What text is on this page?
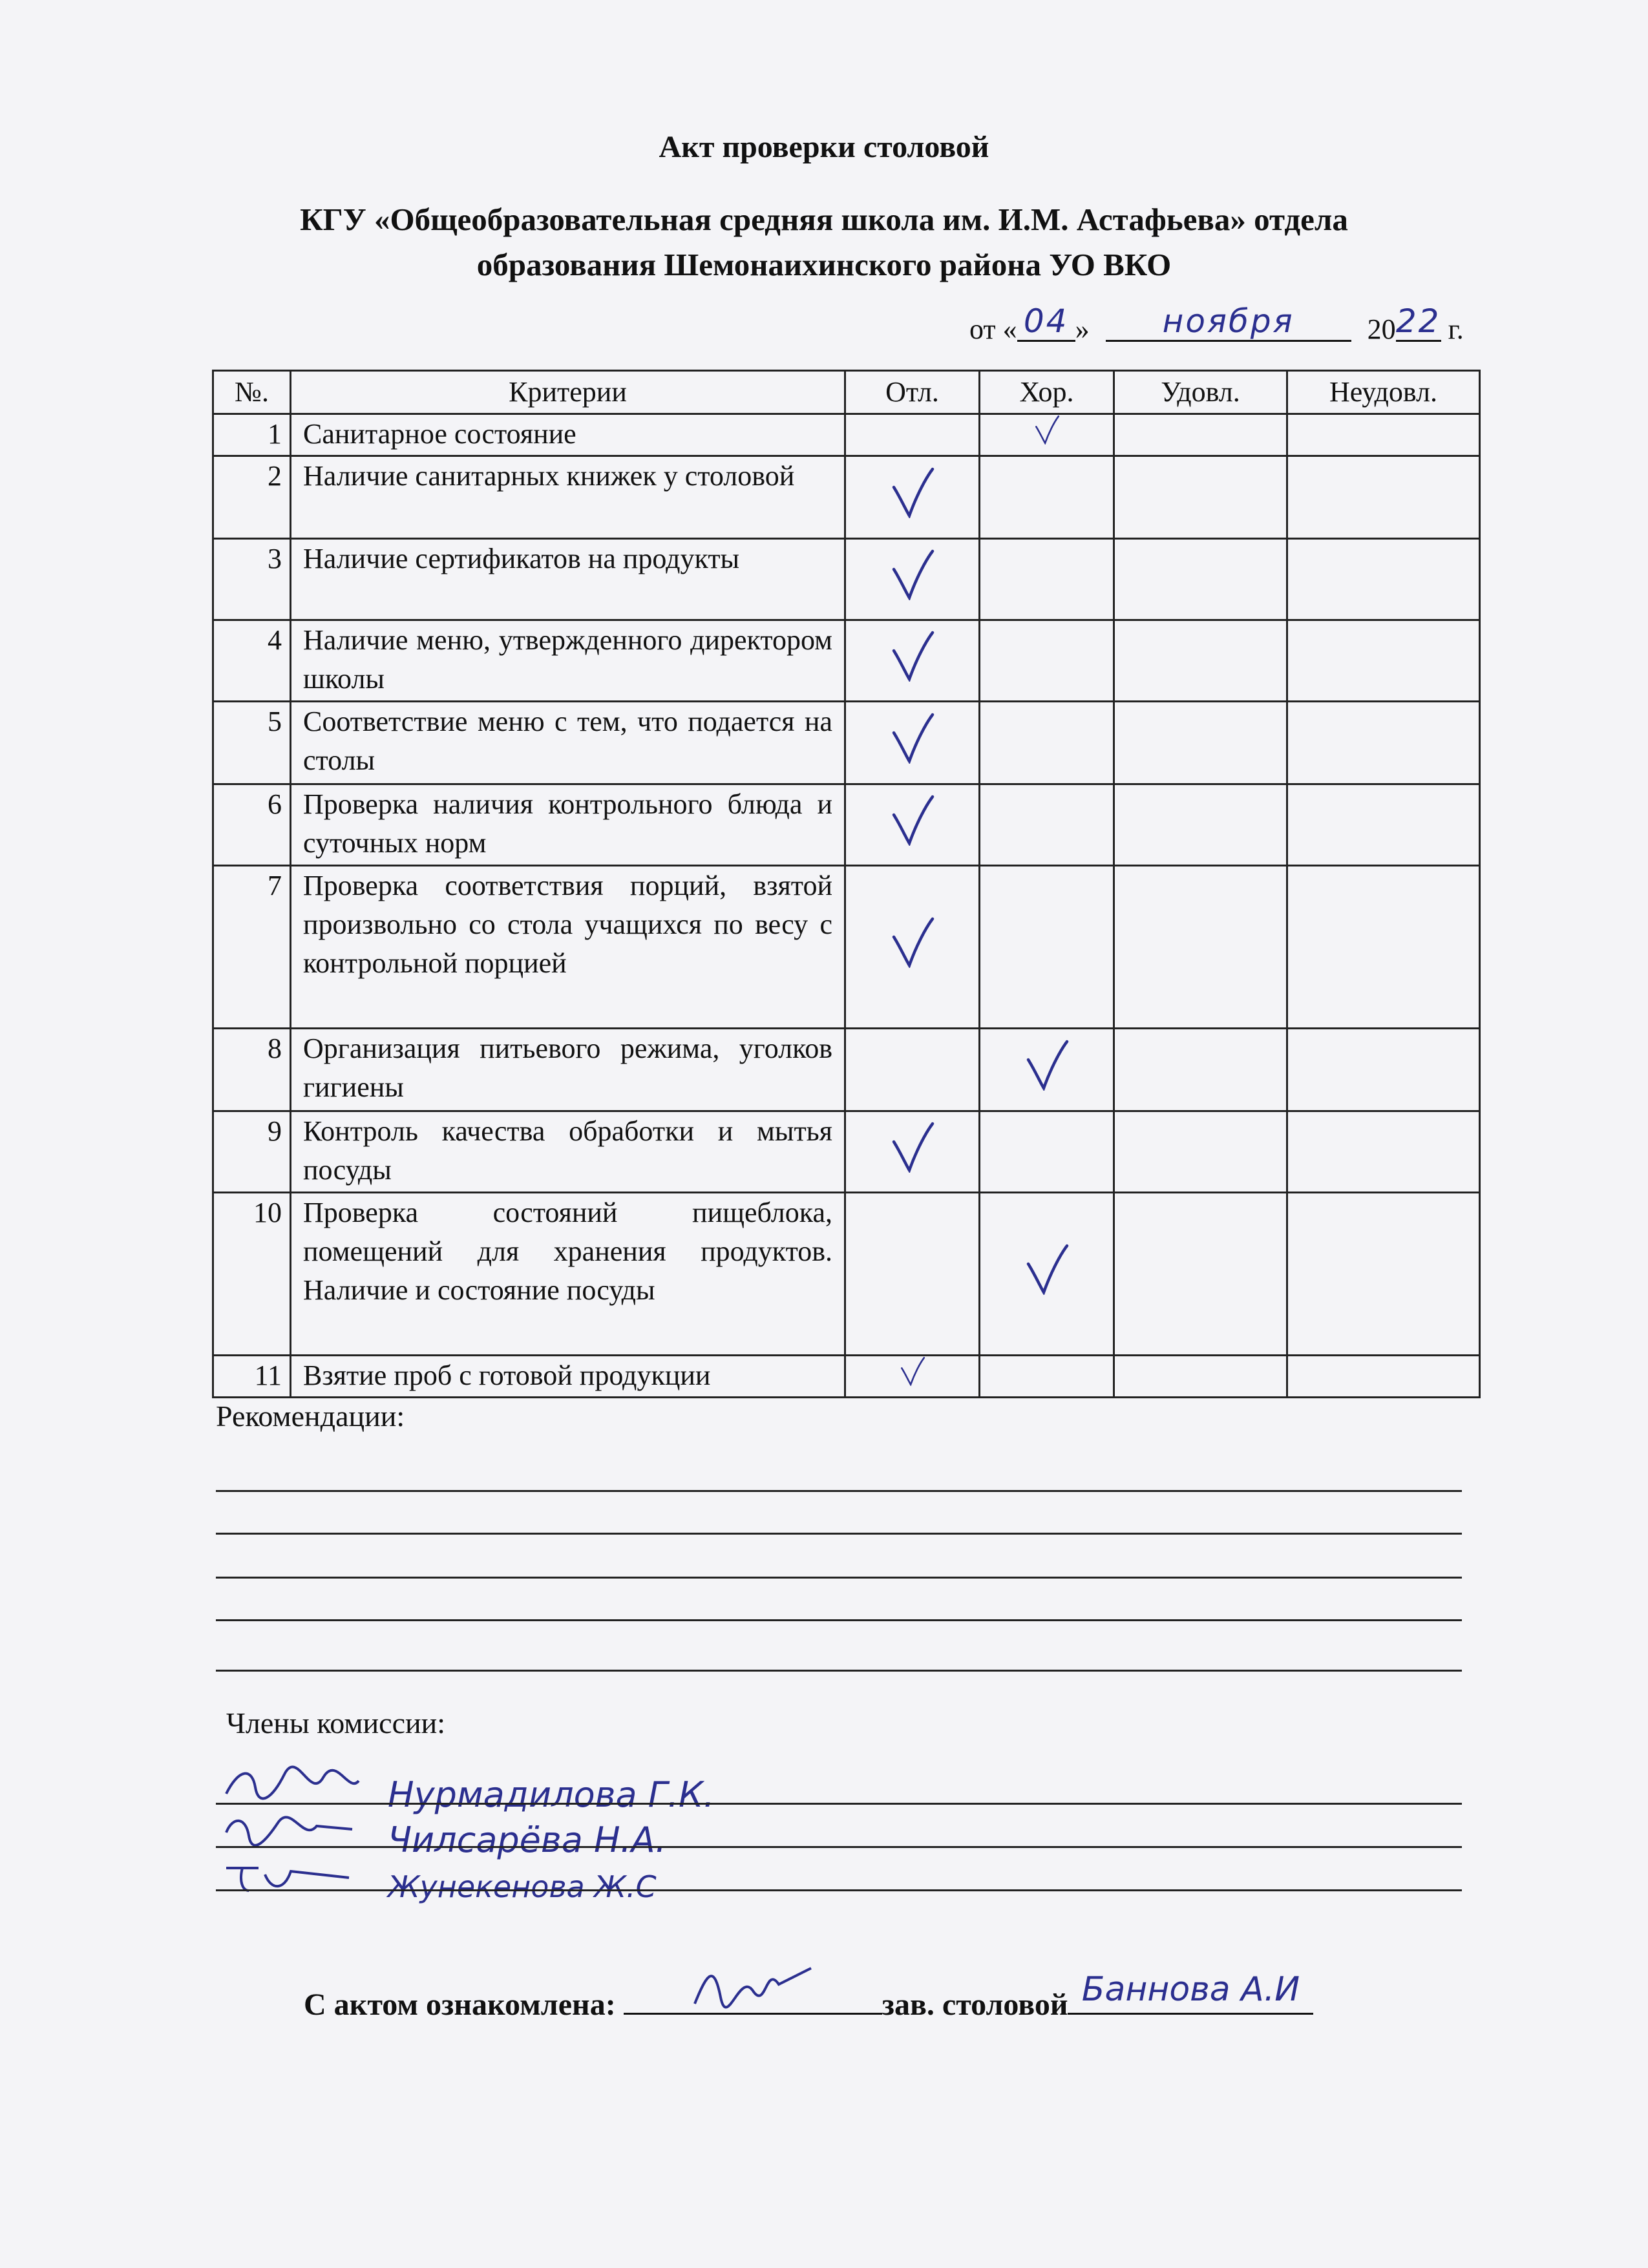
Акт проверки столовой
КГУ «Общеобразовательная средняя школа им. И.М. Астафьева» отдела
образования Шемонаихинского района УО ВКО
от « 04 » ноября	2022 г.
№.	Критерии	Отл.	Хор.	Удовл.	Неудовл.
1	Санитарное состояние				
2	Наличие санитарных книжек у столовой				
3	Наличие сертификатов на продукты				
4	Наличие меню, утвержденного директором школы				
5	Соответствие меню с тем, что подается на столы				
6	Проверка наличия контрольного блюда и суточных норм				
7	Проверка соответствия порций, взятой произвольно со стола учащихся по весу с контрольной порцией				
8	Организация питьевого режима, уголков гигиены				
9	Контроль качества обработки и мытья посуды				
10	Проверка состояний пищеблока, помещений для хранения продуктов. Наличие и состояние посуды				
11	Взятие проб с готовой продукции				
Рекомендации:
Члены комиссии:
Нурмадилова Г.К.
Чилсарёва Н.А.
Жунекенова Ж.С
С актом ознакомлена:	зав. столовой Баннова А.И
